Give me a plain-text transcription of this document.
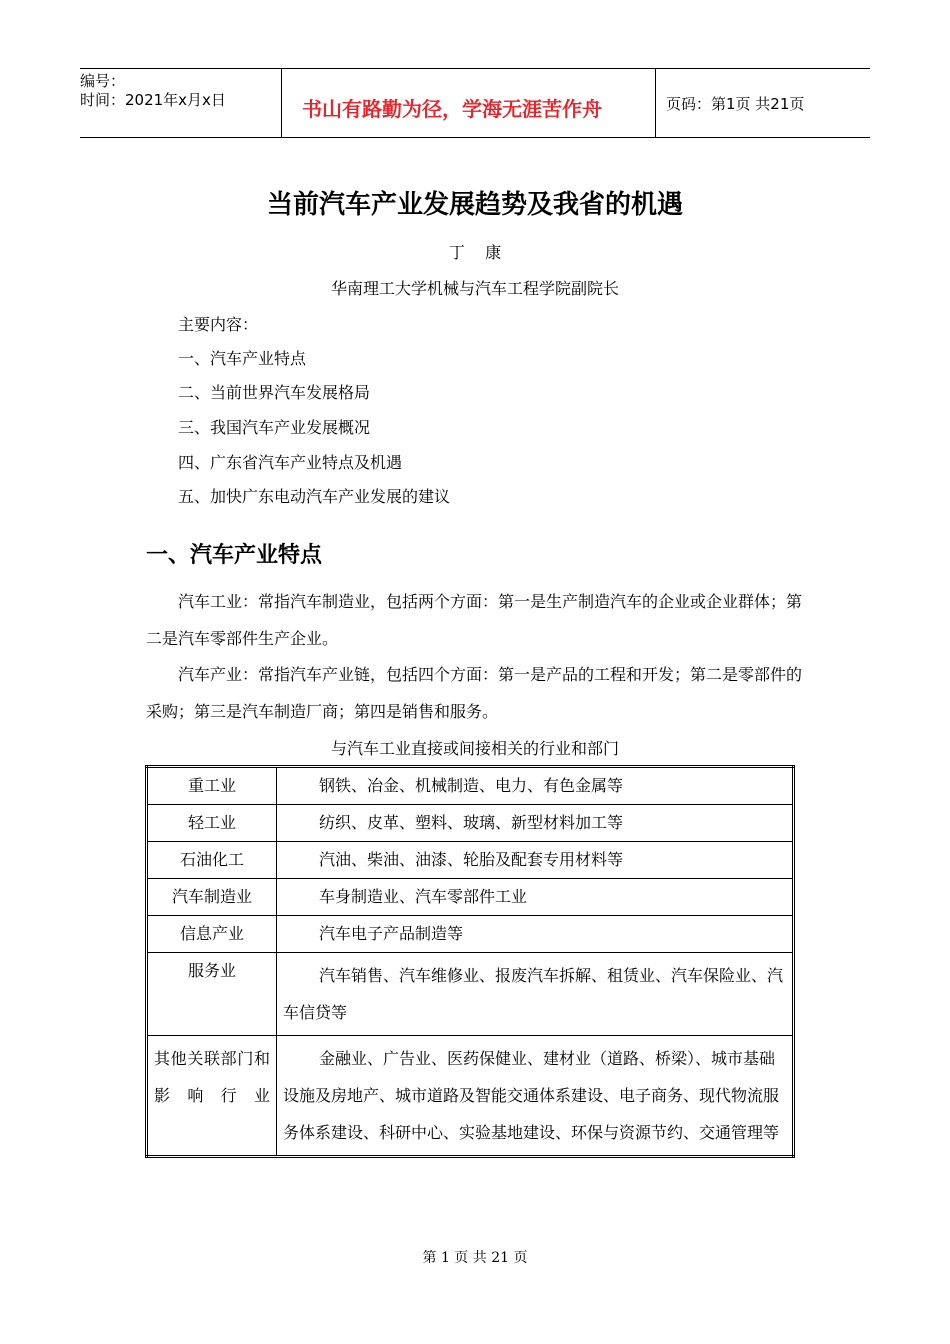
编号：
时间：2021年x月x日	书山有路勤为径，学海无涯苦作舟	页码：第1页 共21页
当前汽车产业发展趋势及我省的机遇
丁    康
华南理工大学机械与汽车工程学院副院长
主要内容：
一、汽车产业特点
二、当前世界汽车发展格局
三、我国汽车产业发展概况
四、广东省汽车产业特点及机遇
五、加快广东电动汽车产业发展的建议
一、汽车产业特点
汽车工业：常指汽车制造业，包括两个方面：第一是生产制造汽车的企业或企业群体；第二是汽车零部件生产企业。
汽车产业：常指汽车产业链，包括四个方面：第一是产品的工程和开发；第二是零部件的采购；第三是汽车制造厂商；第四是销售和服务。
与汽车工业直接或间接相关的行业和部门
重工业	钢铁、冶金、机械制造、电力、有色金属等
轻工业	纺织、皮革、塑料、玻璃、新型材料加工等
石油化工	汽油、柴油、油漆、轮胎及配套专用材料等
汽车制造业	车身制造业、汽车零部件工业
信息产业	汽车电子产品制造等
服务业	汽车销售、汽车维修业、报废汽车拆解、租赁业、汽车保险业、汽车信贷等
其他关联部门和影响行业	金融业、广告业、医药保健业、建材业（道路、桥梁）、城市基础设施及房地产、城市道路及智能交通体系建设、电子商务、现代物流服务体系建设、科研中心、实验基地建设、环保与资源节约、交通管理等
第 1 页 共 21 页
